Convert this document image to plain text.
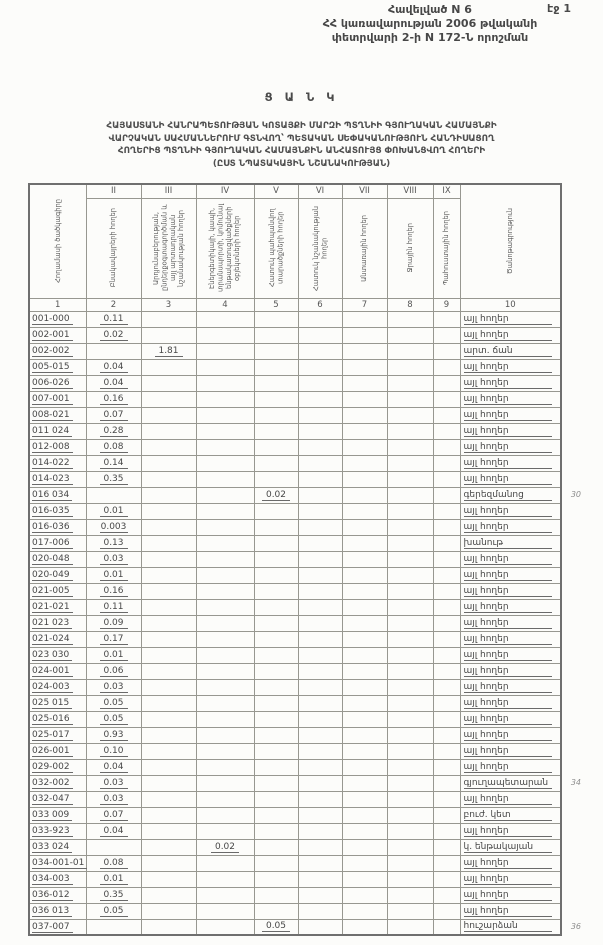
էջ 1
Հավելված N 6
ՀՀ կառավարության 2006 թվականի
փետրվարի 2-ի N 172-Ն որոշման
Ց Ա Ն Կ
ՀԱՅԱՍՏԱՆԻ ՀԱՆՐԱՊԵՏՈՒԹՅԱՆ ԿՈՏԱՅՔԻ ՄԱՐԶԻ ՊՏՂՆԻԻ ԳՅՈՒՂԱԿԱՆ ՀԱՄԱՅՆՔԻ
ՎԱՐՉԱԿԱՆ ՍԱՀՄԱՆՆԵՐՈՒՄ ԳՏՆՎՈՂ՝ ՊԵՏԱԿԱՆ ՍԵՓԱԿԱՆՈՒԹՅՈՒՆ ՀԱՆԴԻՍԱՑՈՂ
ՀՈՂԵՐԻՑ ՊՏՂՆԻԻ ԳՅՈՒՂԱԿԱՆ ՀԱՄԱՅՆՔԻՆ ԱՆՀԱՏՈՒՅՑ ՓՈԽԱՆՑՎՈՂ ՀՈՂԵՐԻ
(ԸՍՏ ՆՊԱՏԱԿԱՅԻՆ ՆՇԱՆԱԿՈՒԹՅԱՆ)
Հողամասի ծածկագիրը	II	III	IV	V	VI	VII	VIII	IX	Ծանոթագրություն

	Բնակավայրերի հողեր	Արդյունաբերության, ընդերքօգտագործման և այլ արտադրական նշանակության հողեր	Էներգետիկայի, կապի, տրանսպորտի, կոմունալ ենթակառուցվածքների օբյեկտների հողեր	Հատուկ պահպանվող տարածքների հողեր	Հատուկ նշանակության հողեր	Անտառային հողեր	Ջրային հողեր	Պահուստային հողեր	

1	2	3	4	5	6	7	8	9	10
001-000	0.11								այլ հողեր
002-001	0.02								այլ հողեր
002-002		1.81							արտ. ճան
005-015	0.04								այլ հողեր
006-026	0.04								այլ հողեր
007-001	0.16								այլ հողեր
008-021	0.07								այլ հողեր
011 024	0.28								այլ հողեր
012-008	0.08								այլ հողեր
014-022	0.14								այլ հողեր
014-023	0.35								այլ հողեր
016 034				0.02					գերեզմանոց 30

016-035	0.01								այլ հողեր
016-036	0.003								այլ հողեր
017-006	0.13								խանութ
020-048	0.03								այլ հողեր
020-049	0.01								այլ հողեր
021-005	0.16								այլ հողեր
021-021	0.11								այլ հողեր
021 023	0.09								այլ հողեր
021-024	0.17								այլ հողեր
023 030	0.01								այլ հողեր
024-001	0.06								այլ հողեր
024-003	0.03								այլ հողեր
025 015	0.05								այլ հողեր
025-016	0.05								այլ հողեր
025-017	0.93								այլ հողեր
026-001	0.10								այլ հողեր
029-002	0.04								այլ հողեր
032-002	0.03								գյուղապետարան 34

032-047	0.03								այլ հողեր
033 009	0.07								բուժ. կետ
033-923	0.04								այլ հողեր
033 024			0.02						կ. ենթակայան
034-001-01	0.08								այլ հողեր
034-003	0.01								այլ հողեր
036-012	0.35								այլ հողեր
036 013	0.05								այլ հողեր
037-007				0.05					հուշարձան 36
